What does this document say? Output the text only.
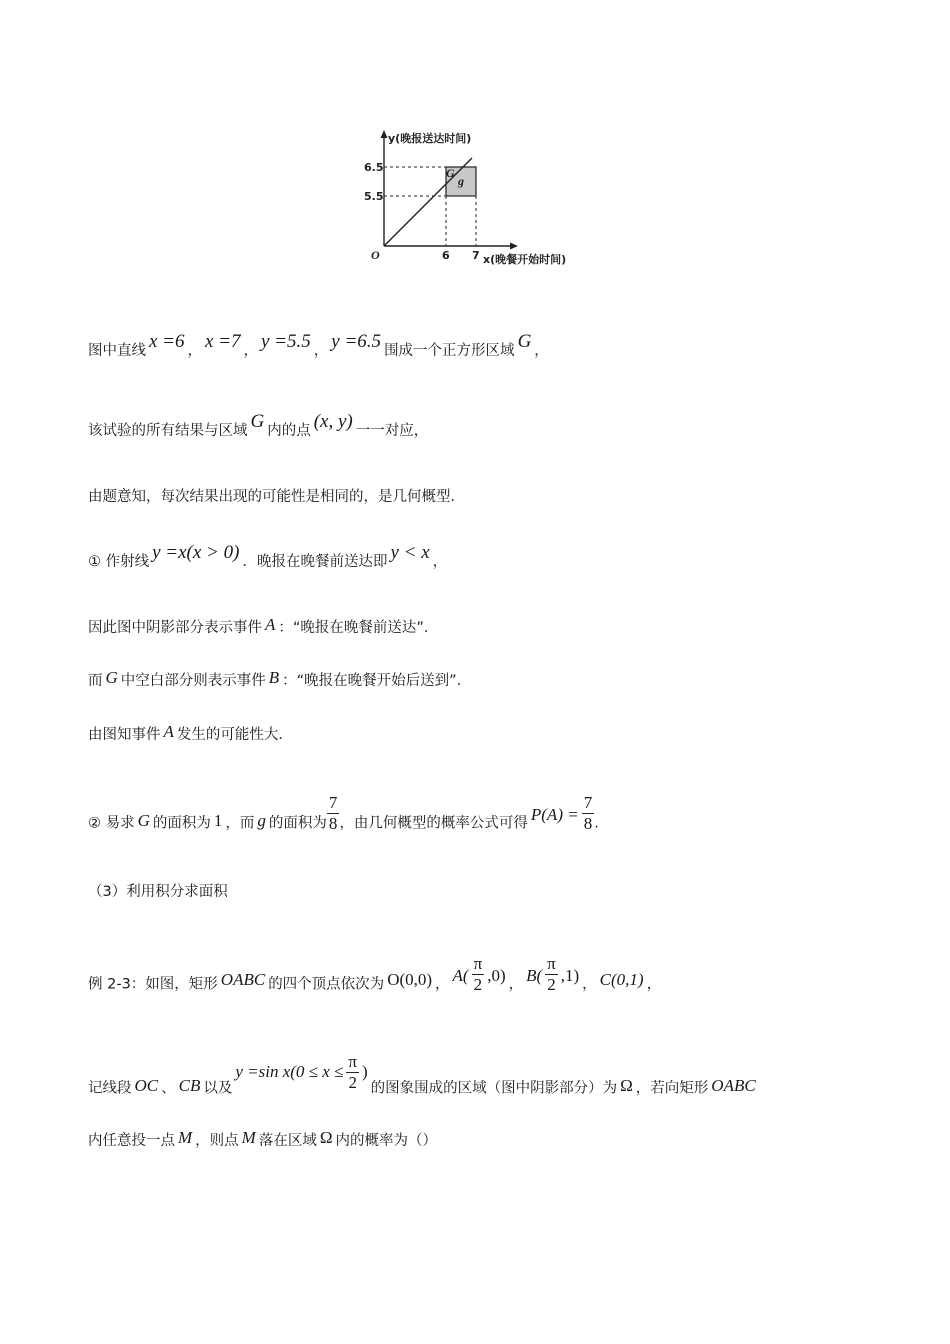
y(晚报送达时间)
x(晚餐开始时间)
O
6.5
5.5
6 7
G
g
图中直线 x =6 ， x =7 ， y =5.5 ， y =6.5 围成一个正方形区域 G ，
该试验的所有结果与区域 G 内的点 (x, y) 一一对应，
由题意知，每次结果出现的可能性是相同的，是几何概型．
① 作射线 y =x(x > 0) ．晚报在晚餐前送达即 y < x ，
因此图中阴影部分表示事件 A ：“晚报在晚餐前送达”．
而 G 中空白部分则表示事件 B ：“晚报在晚餐开始后送到”．
由图知事件 A 发生的可能性大．
② 易求 G 的面积为 1 ，而 g 的面积为 $\frac{7}{8}$ ，由几何概型的概率公式可得 $P(A) = \frac{7}{8}$ .
（3）利用积分求面积
例 2-3：如图，矩形 OABC 的四个顶点依次为 O(0,0) ， $A( \frac{\pi}{2} ,0)$ ， $B( \frac{\pi}{2} ,1)$ ， C(0,1) ，
记线段 OC 、 CB 以及y =sin $x(0 \le x \le \frac{\pi}{2}$ )的图象围成的区域（图中阴影部分）为 Ω ，若向矩形 OABC
内任意投一点 M ，则点 M 落在区域 Ω 内的概率为（）
